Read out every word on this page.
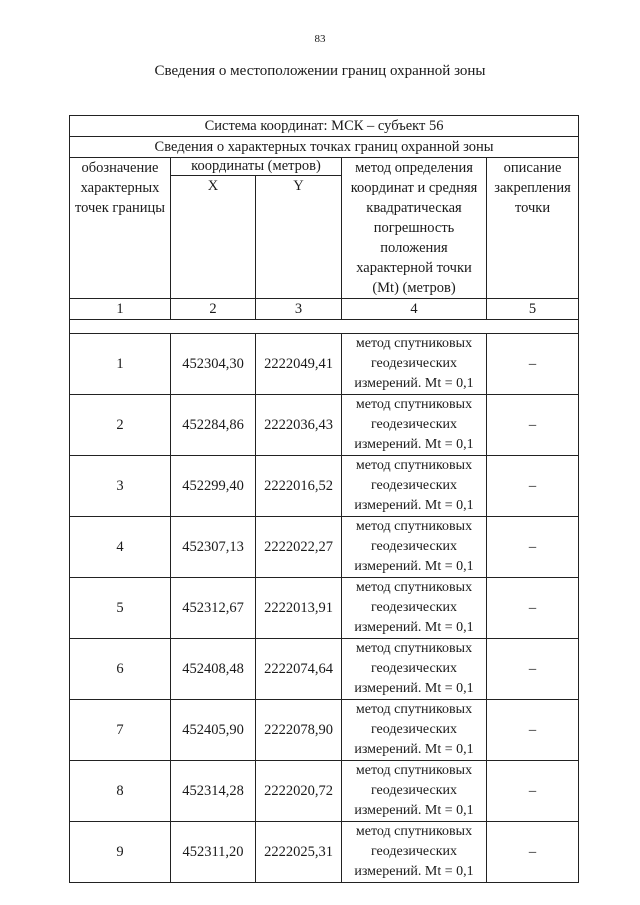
83
Сведения о местоположении границ охранной зоны
Система координат: МСК – субъект 56				
Сведения о характерных точках границ охранной зоны				
обозначение характерных точек границы	координаты (метров)		метод определения координат и средняя квадратическая погрешность положения характерной точки (Mt) (метров)	описание закрепления точки
	X	Y		
1	2	3	4	5

1	452304,30	2222049,41	метод спутниковых геодезических измерений. Mt = 0,1	–
2	452284,86	2222036,43	метод спутниковых геодезических измерений. Mt = 0,1	–
3	452299,40	2222016,52	метод спутниковых геодезических измерений. Mt = 0,1	–
4	452307,13	2222022,27	метод спутниковых геодезических измерений. Mt = 0,1	–
5	452312,67	2222013,91	метод спутниковых геодезических измерений. Mt = 0,1	–
6	452408,48	2222074,64	метод спутниковых геодезических измерений. Mt = 0,1	–
7	452405,90	2222078,90	метод спутниковых геодезических измерений. Mt = 0,1	–
8	452314,28	2222020,72	метод спутниковых геодезических измерений. Mt = 0,1	–
9	452311,20	2222025,31	метод спутниковых геодезических измерений. Mt = 0,1	–
